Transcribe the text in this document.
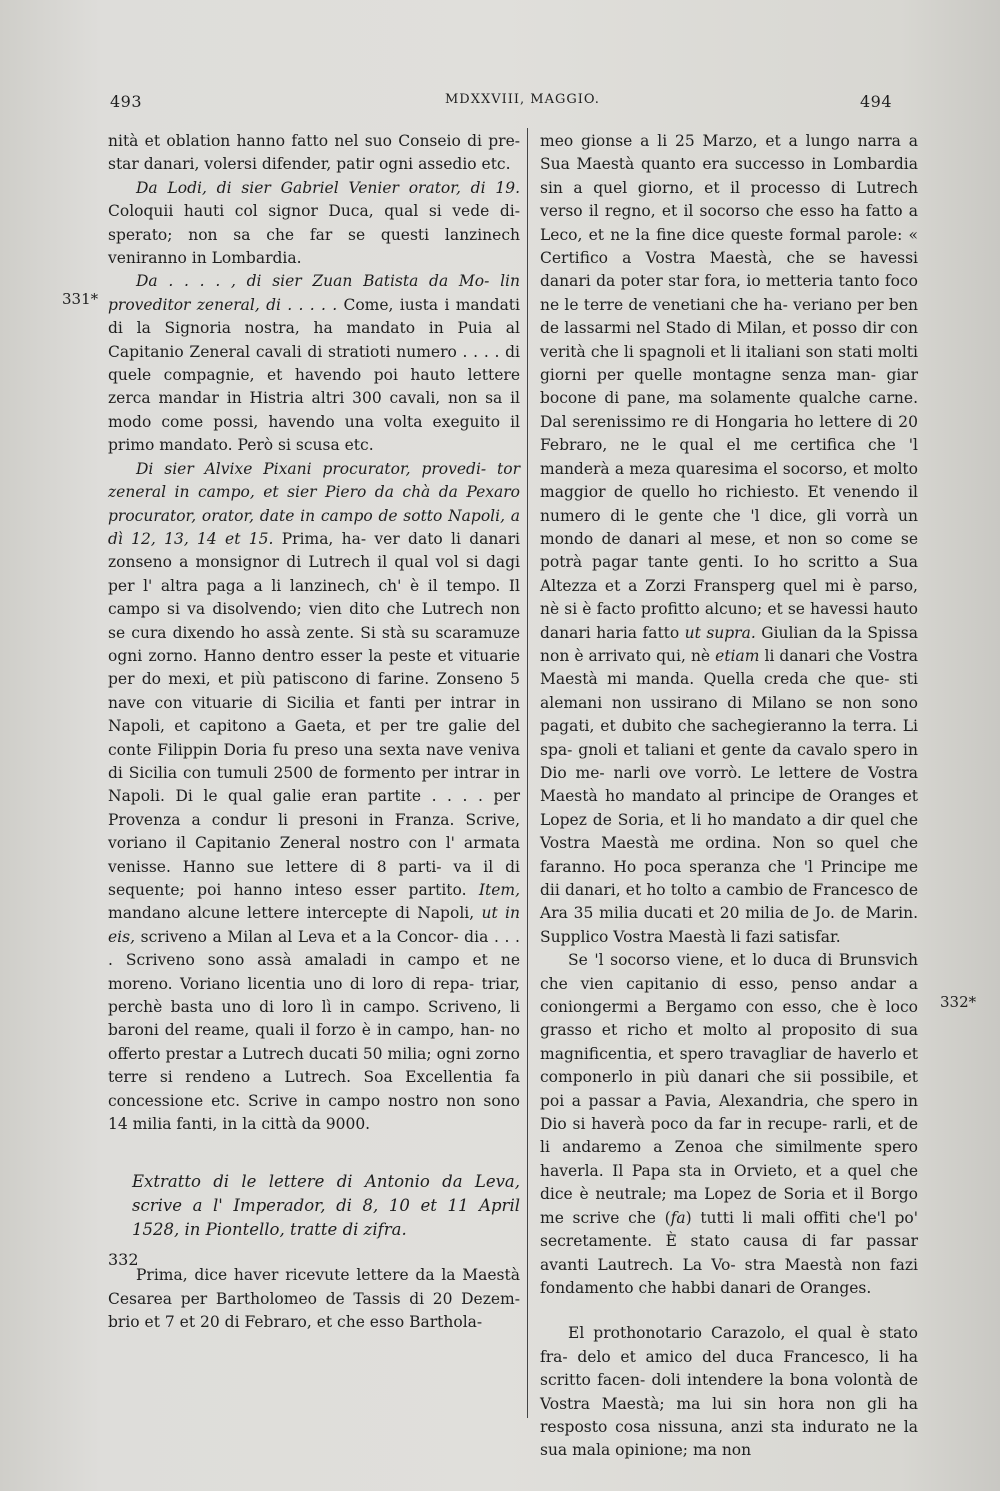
493	MDXXVIII, MAGGIO.	494
331*
332
332*

nità et oblation hanno fatto nel suo Conseio di pre- star danari, volersi difender, patir ogni assedio etc.

Da Lodi, di sier Gabriel Venier orator, di 19. Coloquii hauti col signor Duca, qual si vede di- sperato; non sa che far se questi lanzinech veniranno in Lombardia.

Da . . . . , di sier Zuan Batista da Mo- lin proveditor zeneral, di . . . . . Come, iusta i mandati di la Signoria nostra, ha mandato in Puia al Capitanio Zeneral cavali di stratioti numero . . . . di quele compagnie, et havendo poi hauto lettere zerca mandar in Histria altri 300 cavali, non sa il modo come possi, havendo una volta exeguito il primo mandato. Però si scusa etc.

Di sier Alvixe Pixani procurator, provedi- tor zeneral in campo, et sier Piero da chà da Pexaro procurator, orator, date in campo de sotto Napoli, a dì 12, 13, 14 et 15. Prima, ha- ver dato li danari zonseno a monsignor di Lutrech il qual vol si dagi per l' altra paga a li lanzinech, ch' è il tempo. Il campo si va disolvendo; vien dito che Lutrech non se cura dixendo ho assà zente. Si stà su scaramuze ogni zorno. Hanno dentro esser la peste et vituarie per do mexi, et più patiscono di farine. Zonseno 5 nave con vituarie di Sicilia et fanti per intrar in Napoli, et capitono a Gaeta, et per tre galie del conte Filippin Doria fu preso una sexta nave veniva di Sicilia con tumuli 2500 de formento per intrar in Napoli. Di le qual galie eran partite . . . . per Provenza a condur li presoni in Franza. Scrive, voriano il Capitanio Zeneral nostro con l' armata venisse. Hanno sue lettere di 8 parti- va il di sequente; poi hanno inteso esser partito. Item, mandano alcune lettere intercepte di Napoli, ut in eis, scriveno a Milan al Leva et a la Concor- dia . . . . Scriveno sono assà amaladi in campo et ne moreno. Voriano licentia uno di loro di repa- triar, perchè basta uno di loro lì in campo. Scriveno, li baroni del reame, quali il forzo è in campo, han- no offerto prestar a Lutrech ducati 50 milia; ogni zorno terre si rendeno a Lutrech. Soa Excellentia fa concessione etc. Scrive in campo nostro non sono 14 milia fanti, in la città da 9000.

Extratto di le lettere di Antonio da Leva, scrive a l' Imperador, di 8, 10 et 11 April 1528, in Piontello, tratte di zifra.

Prima, dice haver ricevute lettere da la Maestà Cesarea per Bartholomeo de Tassis di 20 Dezem- brio et 7 et 20 di Febraro, et che esso Barthola-

meo gionse a li 25 Marzo, et a lungo narra a Sua Maestà quanto era successo in Lombardia sin a quel giorno, et il processo di Lutrech verso il regno, et il socorso che esso ha fatto a Leco, et ne la fine dice queste formal parole: « Certifico a Vostra Maestà, che se havessi danari da poter star fora, io metteria tanto foco ne le terre de venetiani che ha- veriano per ben de lassarmi nel Stado di Milan, et posso dir con verità che li spagnoli et li italiani son stati molti giorni per quelle montagne senza man- giar bocone di pane, ma solamente qualche carne. Dal serenissimo re di Hongaria ho lettere di 20 Febraro, ne le qual el me certifica che 'l manderà a meza quaresima el socorso, et molto maggior de quello ho richiesto. Et venendo il numero di le gente che 'l dice, gli vorrà un mondo de danari al mese, et non so come se potrà pagar tante genti. Io ho scritto a Sua Altezza et a Zorzi Fransperg quel mi è parso, nè si è facto profitto alcuno; et se havessi hauto danari haria fatto ut supra. Giulian da la Spissa non è arrivato qui, nè etiam li danari che Vostra Maestà mi manda. Quella creda che que- sti alemani non ussirano di Milano se non sono pagati, et dubito che sachegieranno la terra. Li spa- gnoli et taliani et gente da cavalo spero in Dio me- narli ove vorrò. Le lettere de Vostra Maestà ho mandato al principe de Oranges et Lopez de Soria, et li ho mandato a dir quel che Vostra Maestà me ordina. Non so quel che faranno. Ho poca speranza che 'l Principe me dii danari, et ho tolto a cambio de Francesco de Ara 35 milia ducati et 20 milia de Jo. de Marin. Supplico Vostra Maestà li fazi satisfar.

Se 'l socorso viene, et lo duca di Brunsvich che vien capitanio di esso, penso andar a coniongermi a Bergamo con esso, che è loco grasso et richo et molto al proposito di sua magnificentia, et spero travagliar de haverlo et componerlo in più danari che sii possibile, et poi a passar a Pavia, Alexandria, che spero in Dio si haverà poco da far in recupe- rarli, et de li andaremo a Zenoa che similmente spero haverla. Il Papa sta in Orvieto, et a quel che dice è neutrale; ma Lopez de Soria et il Borgo me scrive che (fa) tutti li mali offiti che'l po' secretamente. È stato causa di far passar avanti Lautrech. La Vo- stra Maestà non fazi fondamento che habbi danari de Oranges.

El prothonotario Carazolo, el qual è stato fra- delo et amico del duca Francesco, li ha scritto facen- doli intendere la bona volontà de Vostra Maestà; ma lui sin hora non gli ha resposto cosa nissuna, anzi sta indurato ne la sua mala opinione; ma non
